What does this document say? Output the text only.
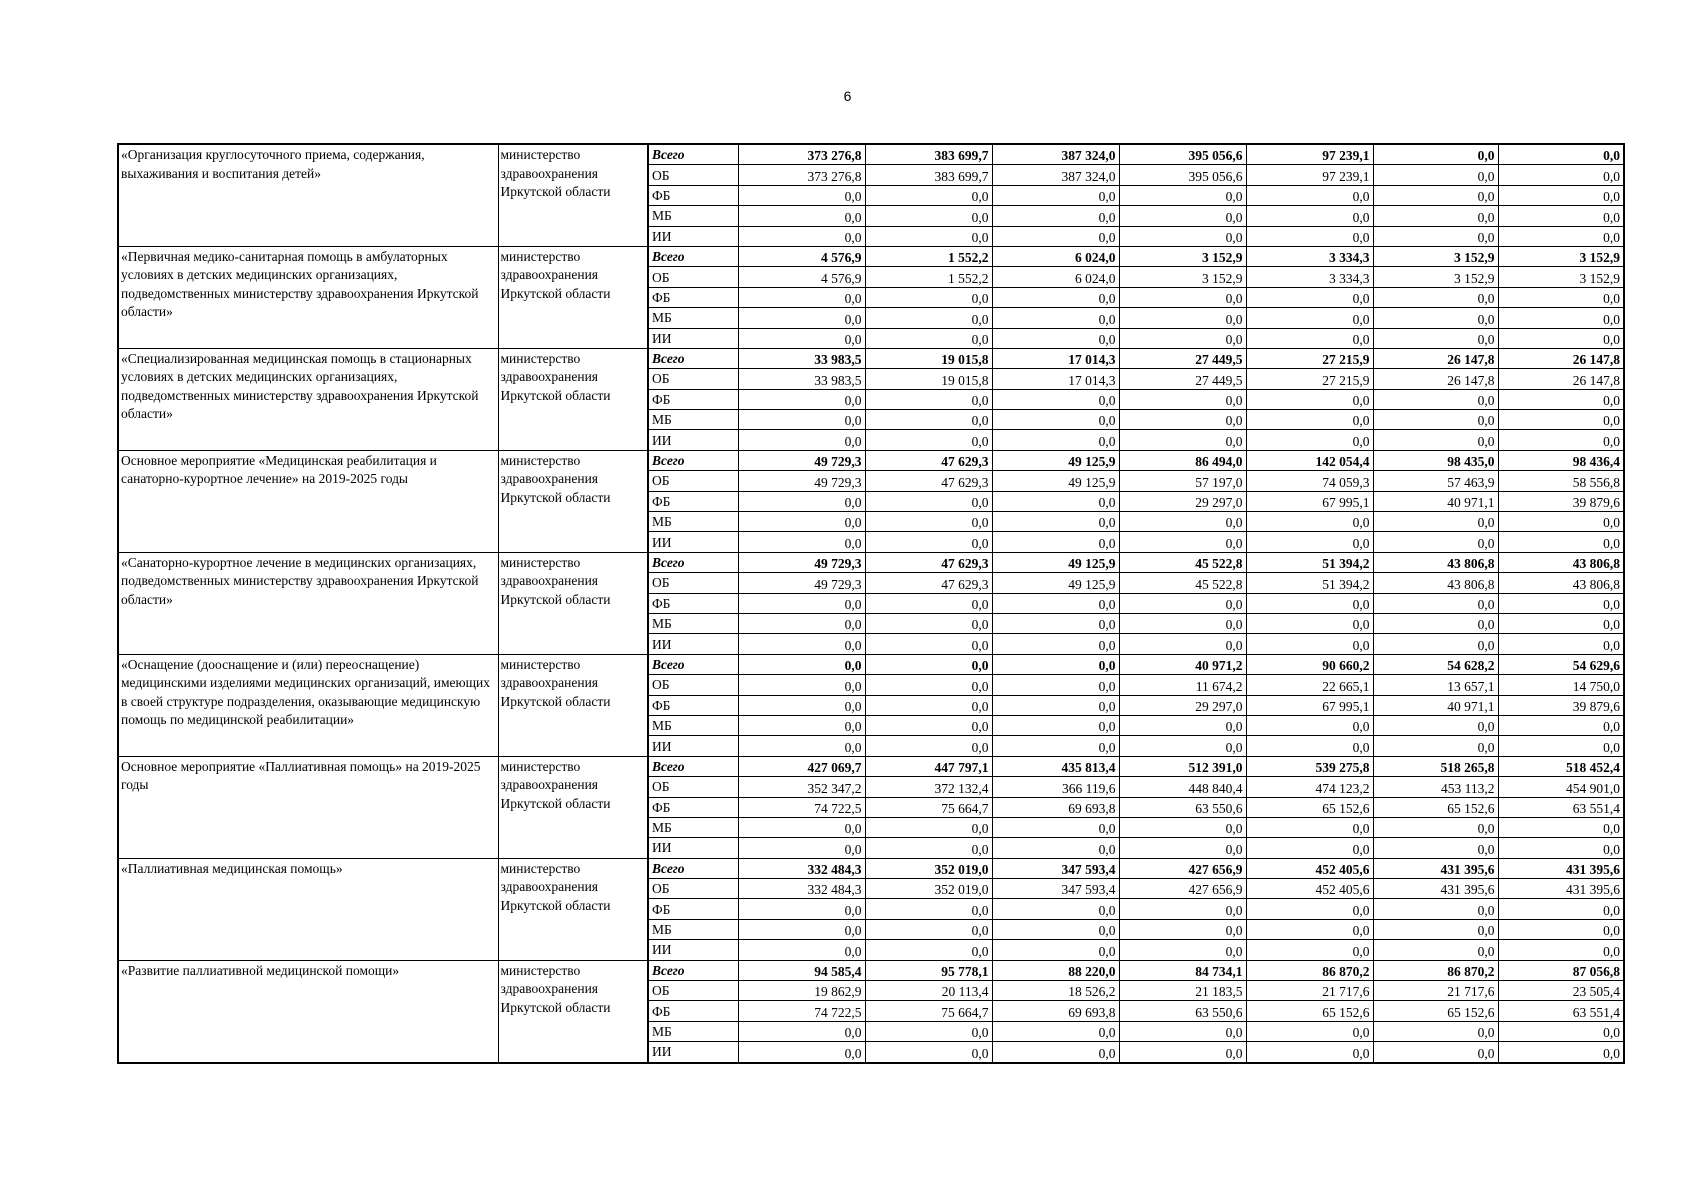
6
«Организация круглосуточного приема, содержания, выхаживания и воспитания детей»	министерство здравоохранения Иркутской области	Всего	373 276,8	383 699,7	387 324,0	395 056,6	97 239,1	0,0	0,0
		ОБ	373 276,8	383 699,7	387 324,0	395 056,6	97 239,1	0,0	0,0
		ФБ	0,0	0,0	0,0	0,0	0,0	0,0	0,0
		МБ	0,0	0,0	0,0	0,0	0,0	0,0	0,0
		ИИ	0,0	0,0	0,0	0,0	0,0	0,0	0,0
«Первичная медико-санитарная помощь в амбулаторных условиях в детских медицинских организациях, подведомственных министерству здравоохранения Иркутской области»	министерство здравоохранения Иркутской области	Всего	4 576,9	1 552,2	6 024,0	3 152,9	3 334,3	3 152,9	3 152,9
		ОБ	4 576,9	1 552,2	6 024,0	3 152,9	3 334,3	3 152,9	3 152,9
		ФБ	0,0	0,0	0,0	0,0	0,0	0,0	0,0
		МБ	0,0	0,0	0,0	0,0	0,0	0,0	0,0
		ИИ	0,0	0,0	0,0	0,0	0,0	0,0	0,0
«Специализированная медицинская помощь в стационарных условиях в детских медицинских организациях, подведомственных министерству здравоохранения Иркутской области»	министерство здравоохранения Иркутской области	Всего	33 983,5	19 015,8	17 014,3	27 449,5	27 215,9	26 147,8	26 147,8
		ОБ	33 983,5	19 015,8	17 014,3	27 449,5	27 215,9	26 147,8	26 147,8
		ФБ	0,0	0,0	0,0	0,0	0,0	0,0	0,0
		МБ	0,0	0,0	0,0	0,0	0,0	0,0	0,0
		ИИ	0,0	0,0	0,0	0,0	0,0	0,0	0,0
Основное мероприятие «Медицинская реабилитация и санаторно-курортное лечение» на 2019-2025 годы	министерство здравоохранения Иркутской области	Всего	49 729,3	47 629,3	49 125,9	86 494,0	142 054,4	98 435,0	98 436,4
		ОБ	49 729,3	47 629,3	49 125,9	57 197,0	74 059,3	57 463,9	58 556,8
		ФБ	0,0	0,0	0,0	29 297,0	67 995,1	40 971,1	39 879,6
		МБ	0,0	0,0	0,0	0,0	0,0	0,0	0,0
		ИИ	0,0	0,0	0,0	0,0	0,0	0,0	0,0
«Санаторно-курортное лечение в медицинских организациях, подведомственных министерству здравоохранения Иркутской области»	министерство здравоохранения Иркутской области	Всего	49 729,3	47 629,3	49 125,9	45 522,8	51 394,2	43 806,8	43 806,8
		ОБ	49 729,3	47 629,3	49 125,9	45 522,8	51 394,2	43 806,8	43 806,8
		ФБ	0,0	0,0	0,0	0,0	0,0	0,0	0,0
		МБ	0,0	0,0	0,0	0,0	0,0	0,0	0,0
		ИИ	0,0	0,0	0,0	0,0	0,0	0,0	0,0
«Оснащение (дооснащение и (или) переоснащение) медицинскими изделиями медицинских организаций, имеющих в своей структуре подразделения, оказывающие медицинскую помощь по медицинской реабилитации»	министерство здравоохранения Иркутской области	Всего	0,0	0,0	0,0	40 971,2	90 660,2	54 628,2	54 629,6
		ОБ	0,0	0,0	0,0	11 674,2	22 665,1	13 657,1	14 750,0
		ФБ	0,0	0,0	0,0	29 297,0	67 995,1	40 971,1	39 879,6
		МБ	0,0	0,0	0,0	0,0	0,0	0,0	0,0
		ИИ	0,0	0,0	0,0	0,0	0,0	0,0	0,0
Основное мероприятие «Паллиативная помощь» на 2019-2025 годы	министерство здравоохранения Иркутской области	Всего	427 069,7	447 797,1	435 813,4	512 391,0	539 275,8	518 265,8	518 452,4
		ОБ	352 347,2	372 132,4	366 119,6	448 840,4	474 123,2	453 113,2	454 901,0
		ФБ	74 722,5	75 664,7	69 693,8	63 550,6	65 152,6	65 152,6	63 551,4
		МБ	0,0	0,0	0,0	0,0	0,0	0,0	0,0
		ИИ	0,0	0,0	0,0	0,0	0,0	0,0	0,0
«Паллиативная медицинская помощь»	министерство здравоохранения Иркутской области	Всего	332 484,3	352 019,0	347 593,4	427 656,9	452 405,6	431 395,6	431 395,6
		ОБ	332 484,3	352 019,0	347 593,4	427 656,9	452 405,6	431 395,6	431 395,6
		ФБ	0,0	0,0	0,0	0,0	0,0	0,0	0,0
		МБ	0,0	0,0	0,0	0,0	0,0	0,0	0,0
		ИИ	0,0	0,0	0,0	0,0	0,0	0,0	0,0
«Развитие паллиативной медицинской помощи»	министерство здравоохранения Иркутской области	Всего	94 585,4	95 778,1	88 220,0	84 734,1	86 870,2	86 870,2	87 056,8
		ОБ	19 862,9	20 113,4	18 526,2	21 183,5	21 717,6	21 717,6	23 505,4
		ФБ	74 722,5	75 664,7	69 693,8	63 550,6	65 152,6	65 152,6	63 551,4
		МБ	0,0	0,0	0,0	0,0	0,0	0,0	0,0
		ИИ	0,0	0,0	0,0	0,0	0,0	0,0	0,0
